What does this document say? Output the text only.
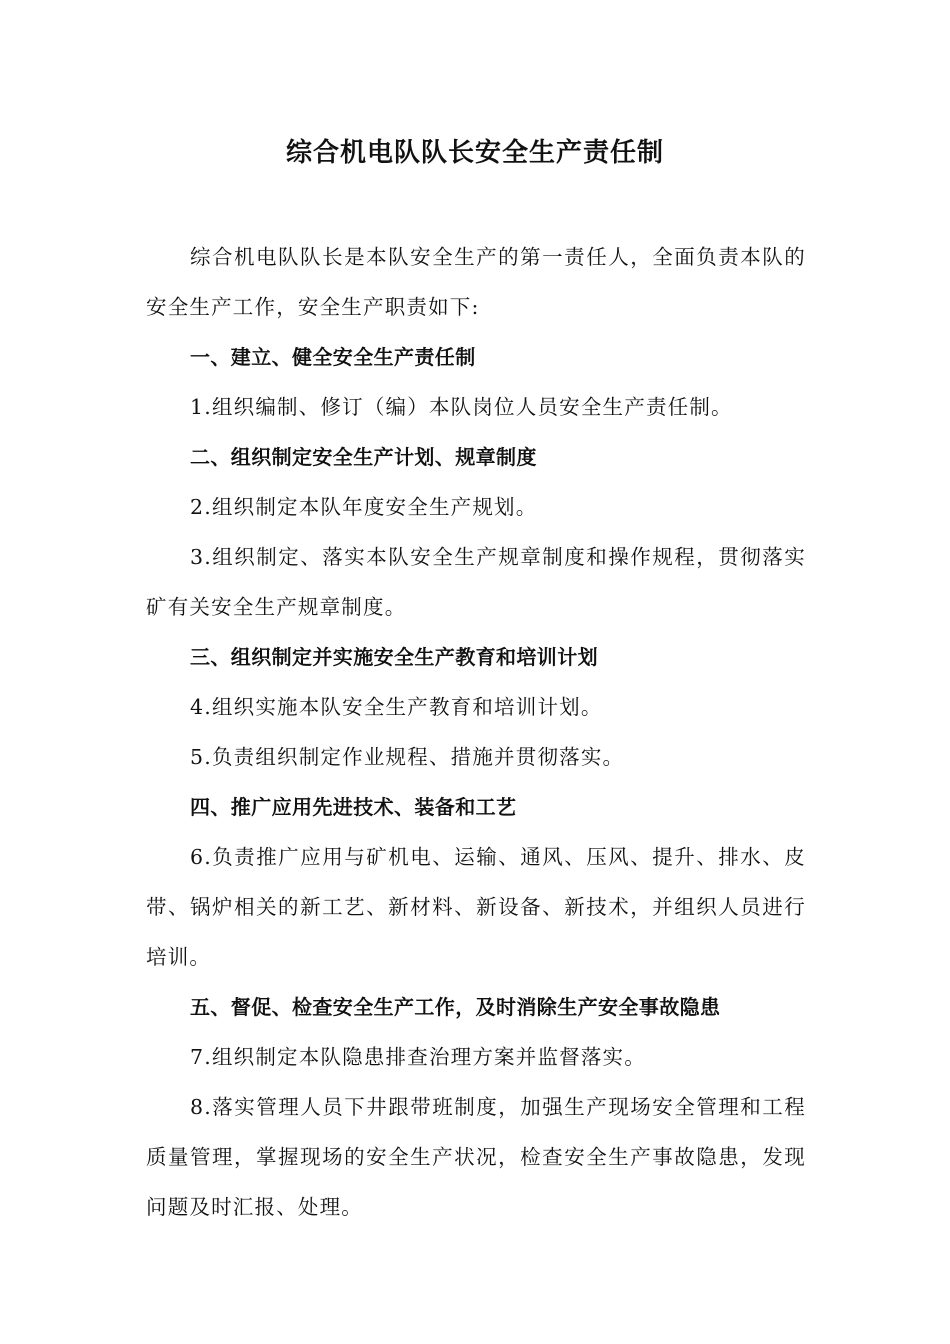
综合机电队队长安全生产责任制

综合机电队队长是本队安全生产的第一责任人，全面负责本队的安全生产工作，安全生产职责如下:

一、建立、健全安全生产责任制

1.组织编制、修订（编）本队岗位人员安全生产责任制。

二、组织制定安全生产计划、规章制度

2.组织制定本队年度安全生产规划。

3.组织制定、落实本队安全生产规章制度和操作规程，贯彻落实矿有关安全生产规章制度。

三、组织制定并实施安全生产教育和培训计划

4.组织实施本队安全生产教育和培训计划。

5.负责组织制定作业规程、措施并贯彻落实。

四、推广应用先进技术、装备和工艺

6.负责推广应用与矿机电、运输、通风、压风、提升、排水、皮带、锅炉相关的新工艺、新材料、新设备、新技术，并组织人员进行培训。

五、督促、检查安全生产工作，及时消除生产安全事故隐患

7.组织制定本队隐患排查治理方案并监督落实。

8.落实管理人员下井跟带班制度，加强生产现场安全管理和工程质量管理，掌握现场的安全生产状况，检查安全生产事故隐患，发现问题及时汇报、处理。
